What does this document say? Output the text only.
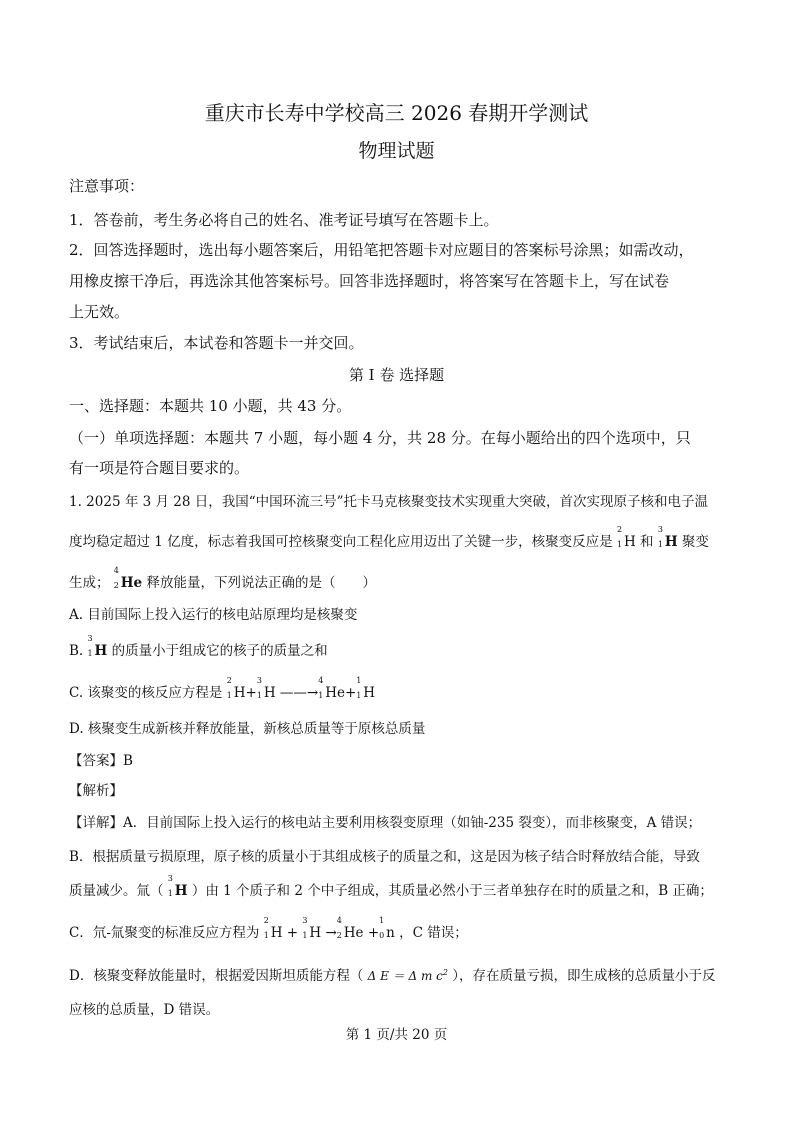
重庆市长寿中学校高三 2026 春期开学测试
物理试题
注意事项：
1．答卷前，考生务必将自己的姓名、准考证号填写在答题卡上。
2．回答选择题时，选出每小题答案后，用铅笔把答题卡对应题目的答案标号涂黑；如需改动，
用橡皮擦干净后，再选涂其他答案标号。回答非选择题时，将答案写在答题卡上，写在试卷
上无效。
3．考试结束后，本试卷和答题卡一并交回。
第 I 卷 选择题
一、选择题：本题共 10 小题，共 43 分。
（一）单项选择题：本题共 7 小题，每小题 4 分，共 28 分。在每小题给出的四个选项中，只
有一项是符合题目要求的。
1. 2025 年 3 月 28 日，我国“中国环流三号”托卡马克核聚变技术实现重大突破，首次实现原子核和电子温
度均稳定超过 1 亿度，标志着我国可控核聚变向工程化应用迈出了关键一步，核聚变反应是
2
1 H 和
3
1 H 聚变
生成；
4
2 He 释放能量，下列说法正确的是（　　）
A. 目前国际上投入运行的核电站原理均是核聚变
B.
3
1 H 的质量小于组成它的核子的质量之和
C. 该聚变的核反应方程是
2
1 H+
3
1 H ——→
4
1 He+
1
1 H
D. 核聚变生成新核并释放能量，新核总质量等于原核总质量
【答案】B
【解析】
【详解】A．目前国际上投入运行的核电站主要利用核裂变原理（如铀-235 裂变），而非核聚变，A 错误；
B．根据质量亏损原理，原子核的质量小于其组成核子的质量之和，这是因为核子结合时释放结合能，导致
质量减少。氚（
3
1 H ）由 1 个质子和 2 个中子组成，其质量必然小于三者单独存在时的质量之和，B 正确；
C．氘-氚聚变的标准反应方程为
2
1 H +
3
1 H →
4
2 He +
1
0 n ，C 错误；
D．核聚变释放能量时，根据爱因斯坦质能方程（ Δ E ＝ Δ m $c^2$ ），存在质量亏损，即生成核的总质量小于反
应核的总质量，D 错误。
第 1 页/共 20 页
